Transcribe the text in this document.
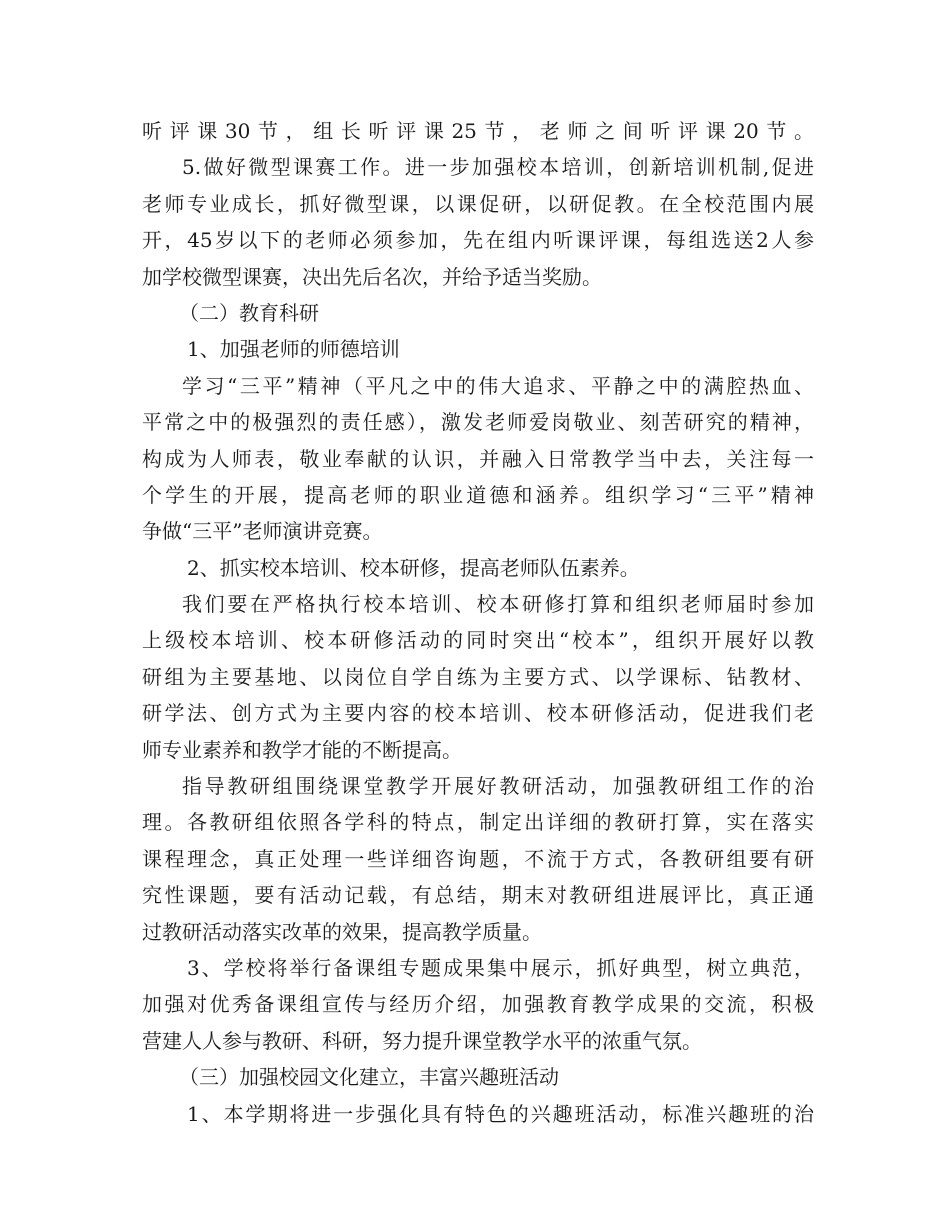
听评课30节，组长听评课25节，老师之间听评课20节。
5.做好微型课赛工作。进一步加强校本培训，创新培训机制,促进
老师专业成长，抓好微型课，以课促研，以研促教。在全校范围内展
开，45岁以下的老师必须参加，先在组内听课评课，每组选送2人参
加学校微型课赛，决出先后名次，并给予适当奖励。
（二）教育科研
1、加强老师的师德培训
学习“三平”精神（平凡之中的伟大追求、平静之中的满腔热血、
平常之中的极强烈的责任感），激发老师爱岗敬业、刻苦研究的精神，
构成为人师表，敬业奉献的认识，并融入日常教学当中去，关注每一
个学生的开展，提高老师的职业道德和涵养。组织学习“三平”精神
争做“三平”老师演讲竞赛。
2、抓实校本培训、校本研修，提高老师队伍素养。
我们要在严格执行校本培训、校本研修打算和组织老师届时参加
上级校本培训、校本研修活动的同时突出“校本”，组织开展好以教
研组为主要基地、以岗位自学自练为主要方式、以学课标、钻教材、
研学法、创方式为主要内容的校本培训、校本研修活动，促进我们老
师专业素养和教学才能的不断提高。
指导教研组围绕课堂教学开展好教研活动，加强教研组工作的治
理。各教研组依照各学科的特点，制定出详细的教研打算，实在落实
课程理念，真正处理一些详细咨询题，不流于方式，各教研组要有研
究性课题，要有活动记载，有总结，期末对教研组进展评比，真正通
过教研活动落实改革的效果，提高教学质量。
3、学校将举行备课组专题成果集中展示，抓好典型，树立典范，
加强对优秀备课组宣传与经历介绍，加强教育教学成果的交流，积极
营建人人参与教研、科研，努力提升课堂教学水平的浓重气氛。
（三）加强校园文化建立，丰富兴趣班活动
1、本学期将进一步强化具有特色的兴趣班活动，标准兴趣班的治
